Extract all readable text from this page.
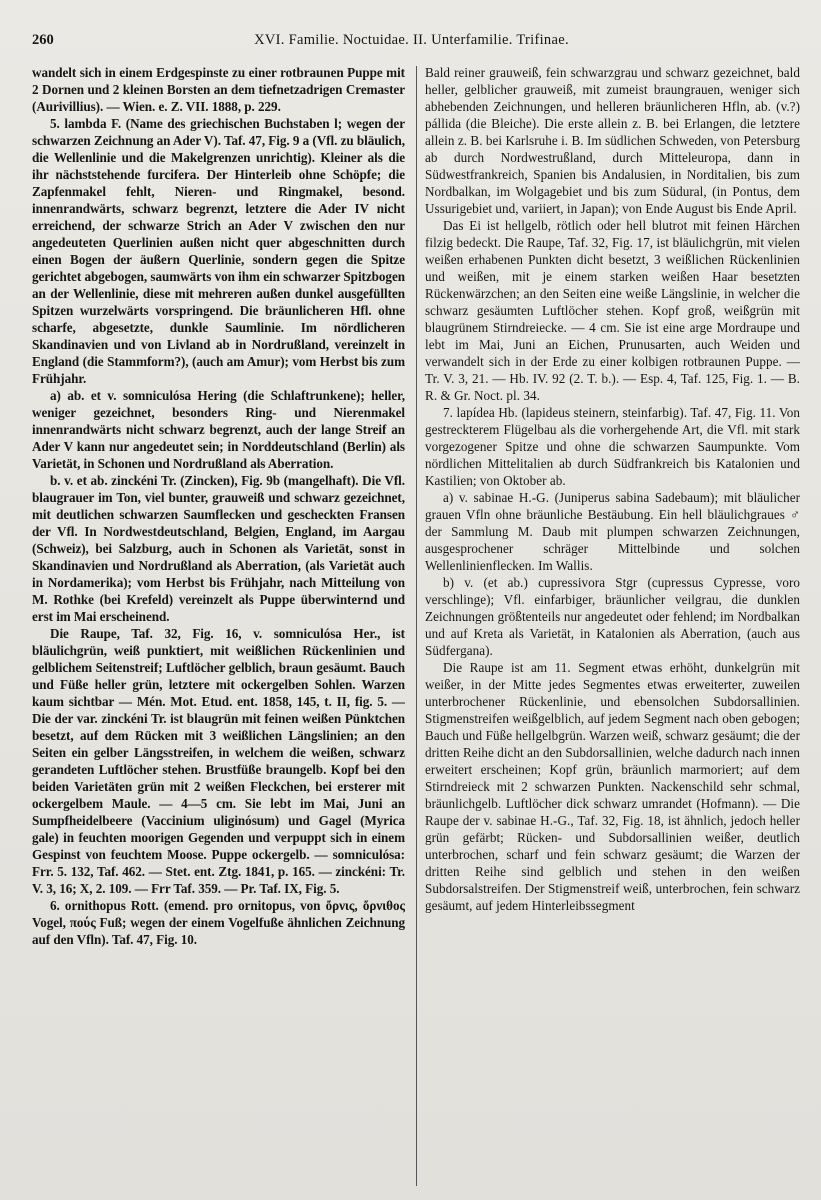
260	XVI. Familie. Noctuidae. II. Unterfamilie. Trifinae.

wandelt sich in einem Erdgespinste zu einer rotbraunen Puppe mit 2 Dornen und 2 kleinen Borsten an dem tiefnetzadrigen Cremaster (Aurivillius). — Wien. e. Z. VII. 1888, p. 229.

5. lambda F. (Name des griechischen Buchstaben l; wegen der schwarzen Zeichnung an Ader V). Taf. 47, Fig. 9 a (Vfl. zu bläulich, die Wellenlinie und die Makelgrenzen unrichtig). Kleiner als die ihr nächststehende furcifera. Der Hinterleib ohne Schöpfe; die Zapfenmakel fehlt, Nieren- und Ringmakel, besond. innenrandwärts, schwarz begrenzt, letztere die Ader IV nicht erreichend, der schwarze Strich an Ader V zwischen den nur angedeuteten Querlinien außen nicht quer abgeschnitten durch einen Bogen der äußern Querlinie, sondern gegen die Spitze gerichtet abgebogen, saumwärts von ihm ein schwarzer Spitzbogen an der Wellenlinie, diese mit mehreren außen dunkel ausgefüllten Spitzen wurzelwärts vorspringend. Die bräunlicheren Hfl. ohne scharfe, abgesetzte, dunkle Saumlinie. Im nördlicheren Skandinavien und von Livland ab in Nordrußland, vereinzelt in England (die Stammform?), (auch am Amur); vom Herbst bis zum Frühjahr.

a) ab. et v. somniculósa Hering (die Schlaftrunkene); heller, weniger gezeichnet, besonders Ring- und Nierenmakel innenrandwärts nicht schwarz begrenzt, auch der lange Streif an Ader V kann nur angedeutet sein; in Norddeutschland (Berlin) als Varietät, in Schonen und Nordrußland als Aberration.

b. v. et ab. zinckéni Tr. (Zincken), Fig. 9b (mangelhaft). Die Vfl. blaugrauer im Ton, viel bunter, grauweiß und schwarz gezeichnet, mit deutlichen schwarzen Saumflecken und gescheckten Fransen der Vfl. In Nordwestdeutschland, Belgien, England, im Aargau (Schweiz), bei Salzburg, auch in Schonen als Varietät, sonst in Skandinavien und Nordrußland als Aberration, (als Varietät auch in Nordamerika); vom Herbst bis Frühjahr, nach Mitteilung von M. Rothke (bei Krefeld) vereinzelt als Puppe überwinternd und erst im Mai erscheinend.

Die Raupe, Taf. 32, Fig. 16, v. somniculósa Her., ist bläulichgrün, weiß punktiert, mit weißlichen Rückenlinien und gelblichem Seitenstreif; Luftlöcher gelblich, braun gesäumt. Bauch und Füße heller grün, letztere mit ockergelben Sohlen. Warzen kaum sichtbar — Mén. Mot. Etud. ent. 1858, 145, t. II, fig. 5. — Die der var. zinckéni Tr. ist blaugrün mit feinen weißen Pünktchen besetzt, auf dem Rücken mit 3 weißlichen Längslinien; an den Seiten ein gelber Längsstreifen, in welchem die weißen, schwarz gerandeten Luftlöcher stehen. Brustfüße braungelb. Kopf bei den beiden Varietäten grün mit 2 weißen Fleckchen, bei ersterer mit ockergelbem Maule. — 4—5 cm. Sie lebt im Mai, Juni an Sumpfheidelbeere (Vaccinium uliginósum) und Gagel (Myrica gale) in feuchten moorigen Gegenden und verpuppt sich in einem Gespinst von feuchtem Moose. Puppe ockergelb. — somniculósa: Frr. 5. 132, Taf. 462. — Stet. ent. Ztg. 1841, p. 165. — zinckéni: Tr. V. 3, 16; X, 2. 109. — Frr Taf. 359. — Pr. Taf. IX, Fig. 5.

6. ornithopus Rott. (emend. pro ornitopus, von ὄρνις, ὄρνιθος Vogel, πούς Fuß; wegen der einem Vogelfuße ähnlichen Zeichnung auf den Vfln). Taf. 47, Fig. 10.

Bald reiner grauweiß, fein schwarzgrau und schwarz gezeichnet, bald heller, gelblicher grauweiß, mit zumeist braungrauen, weniger sich abhebenden Zeichnungen, und helleren bräunlicheren Hfln, ab. (v.?) pállida (die Bleiche). Die erste allein z. B. bei Erlangen, die letztere allein z. B. bei Karlsruhe i. B. Im südlichen Schweden, von Petersburg ab durch Nordwestrußland, durch Mitteleuropa, dann in Südwestfrankreich, Spanien bis Andalusien, in Norditalien, bis zum Nordbalkan, im Wolgagebiet und bis zum Südural, (in Pontus, dem Ussurigebiet und, variiert, in Japan); von Ende August bis Ende April.

Das Ei ist hellgelb, rötlich oder hell blutrot mit feinen Härchen filzig bedeckt. Die Raupe, Taf. 32, Fig. 17, ist bläulichgrün, mit vielen weißen erhabenen Punkten dicht besetzt, 3 weißlichen Rückenlinien und weißen, mit je einem starken weißen Haar besetzten Rückenwärzchen; an den Seiten eine weiße Längslinie, in welcher die schwarz gesäumten Luftlöcher stehen. Kopf groß, weißgrün mit blaugrünem Stirndreiecke. — 4 cm. Sie ist eine arge Mordraupe und lebt im Mai, Juni an Eichen, Prunusarten, auch Weiden und verwandelt sich in der Erde zu einer kolbigen rotbraunen Puppe. — Tr. V. 3, 21. — Hb. IV. 92 (2. T. b.). — Esp. 4, Taf. 125, Fig. 1. — B. R. & Gr. Noct. pl. 34.

7. lapídea Hb. (lapideus steinern, steinfarbig). Taf. 47, Fig. 11. Von gestreckterem Flügelbau als die vorhergehende Art, die Vfl. mit stark vorgezogener Spitze und ohne die schwarzen Saumpunkte. Vom nördlichen Mittelitalien ab durch Südfrankreich bis Katalonien und Kastilien; von Oktober ab.

a) v. sabinae H.-G. (Juniperus sabina Sadebaum); mit bläulicher grauen Vfln ohne bräunliche Bestäubung. Ein hell bläulichgraues ♂ der Sammlung M. Daub mit plumpen schwarzen Zeichnungen, ausgesprochener schräger Mittelbinde und solchen Wellenlinienflecken. Im Wallis.

b) v. (et ab.) cupressivora Stgr (cupressus Cypresse, voro verschlinge); Vfl. einfarbiger, bräunlicher veilgrau, die dunklen Zeichnungen größtenteils nur angedeutet oder fehlend; im Nordbalkan und auf Kreta als Varietät, in Katalonien als Aberration, (auch aus Südfergana).

Die Raupe ist am 11. Segment etwas erhöht, dunkelgrün mit weißer, in der Mitte jedes Segmentes etwas erweiterter, zuweilen unterbrochener Rückenlinie, und ebensolchen Subdorsallinien. Stigmenstreifen weißgelblich, auf jedem Segment nach oben gebogen; Bauch und Füße hellgelbgrün. Warzen weiß, schwarz gesäumt; die der dritten Reihe dicht an den Subdorsallinien, welche dadurch nach innen erweitert erscheinen; Kopf grün, bräunlich marmoriert; auf dem Stirndreieck mit 2 schwarzen Punkten. Nackenschild sehr schmal, bräunlichgelb. Luftlöcher dick schwarz umrandet (Hofmann). — Die Raupe der v. sabinae H.-G., Taf. 32, Fig. 18, ist ähnlich, jedoch heller grün gefärbt; Rücken- und Subdorsallinien weißer, deutlich unterbrochen, scharf und fein schwarz gesäumt; die Warzen der dritten Reihe sind gelblich und stehen in den weißen Subdorsalstreifen. Der Stigmenstreif weiß, unterbrochen, fein schwarz gesäumt, auf jedem Hinterleibssegment
